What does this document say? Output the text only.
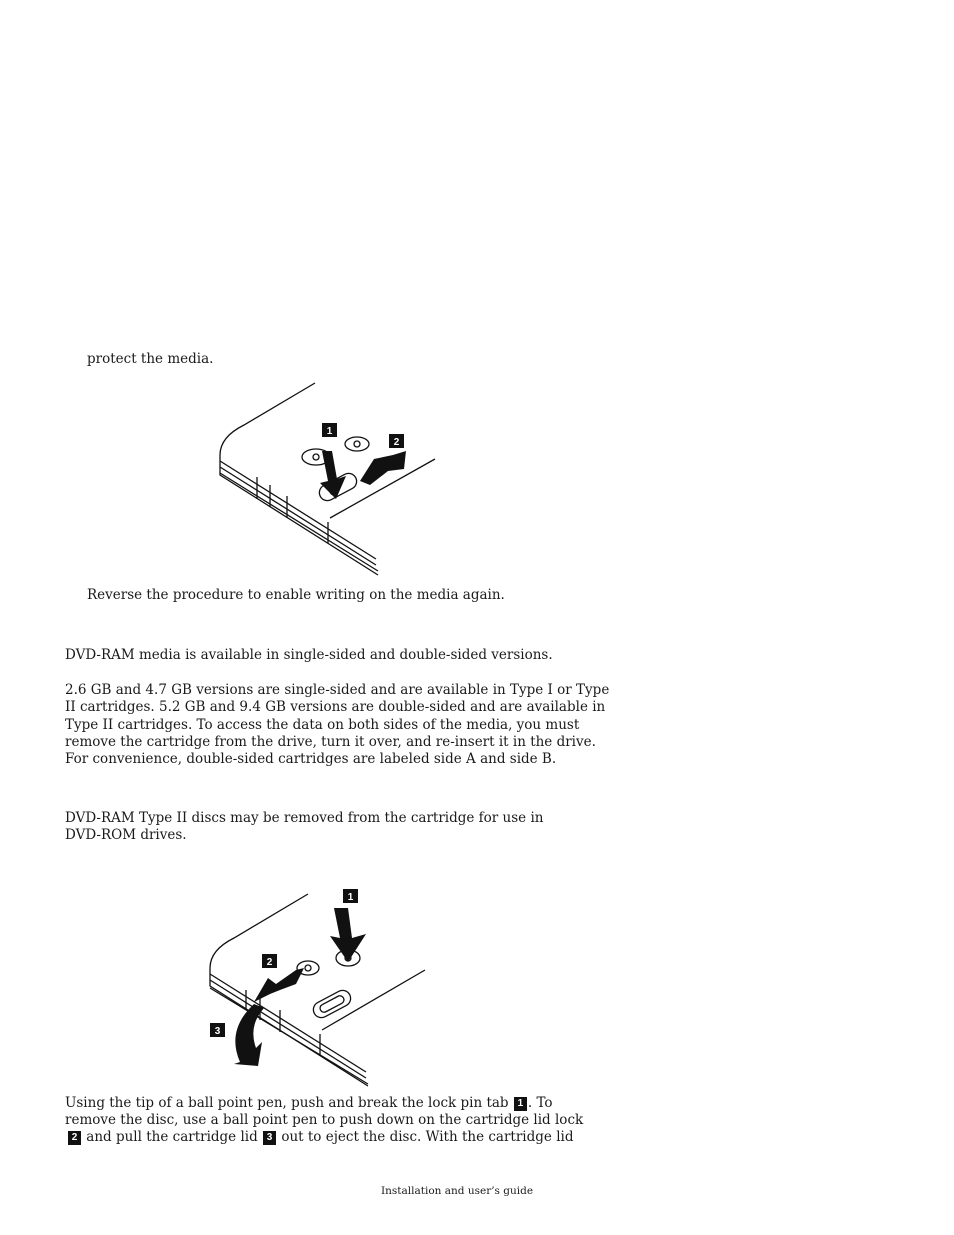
protect the media.
1
2
Reverse the procedure to enable writing on the media again.
DVD-RAM media is available in single-sided and double-sided versions.
2.6 GB and 4.7 GB versions are single-sided and are available in Type I or Type
II cartridges. 5.2 GB and 9.4 GB versions are double-sided and are available in
Type II cartridges. To access the data on both sides of the media, you must
remove the cartridge from the drive, turn it over, and re-insert it in the drive.
For convenience, double-sided cartridges are labeled side A and side B.
DVD-RAM Type II discs may be removed from the cartridge for use in
DVD-ROM drives.
1
2
3
Using the tip of a ball point pen, push and break the lock pin tab 1 . To
remove the disc, use a ball point pen to push down on the cartridge lid lock
2 and pull the cartridge lid 3 out to eject the disc. With the cartridge lid
Installation and user’s guide
